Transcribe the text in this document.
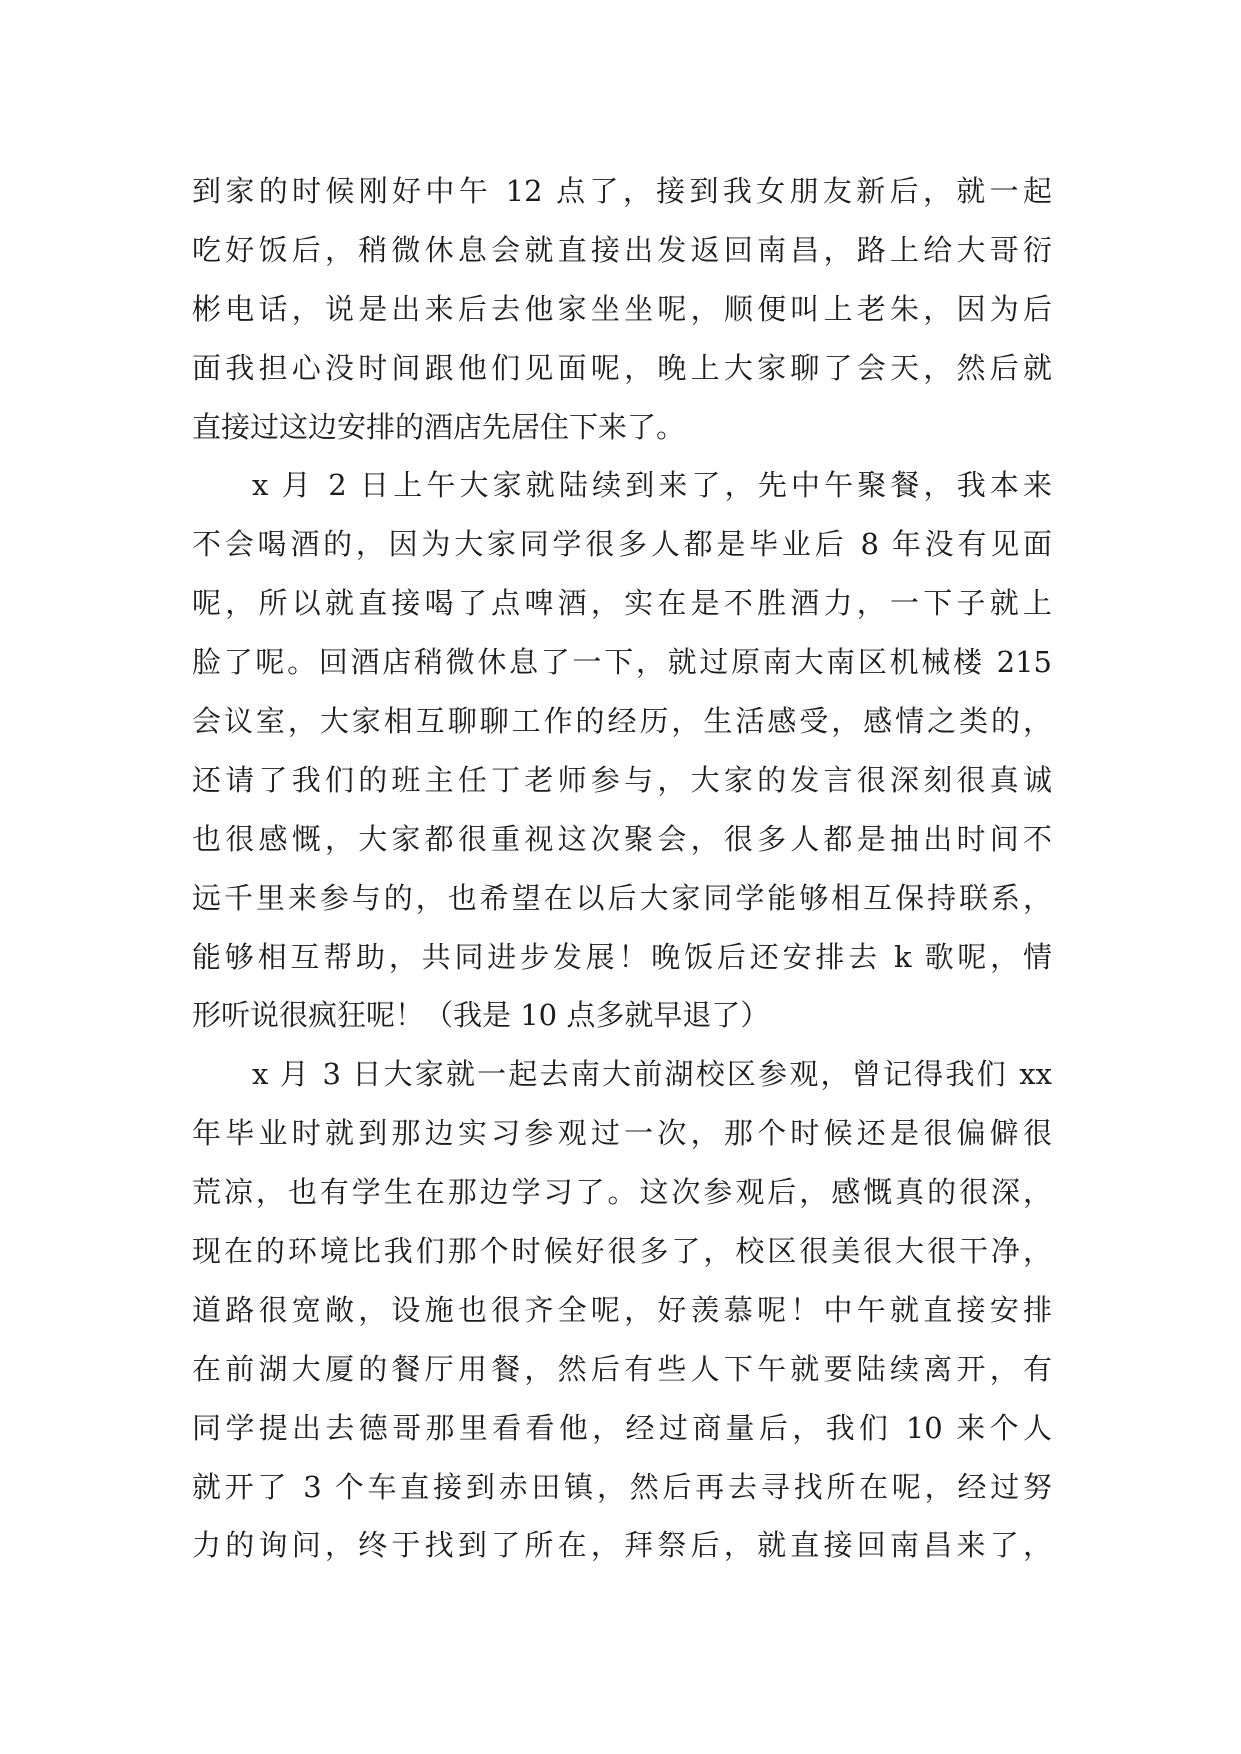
到家的时候刚好中午 12 点了，接到我女朋友新后，就一起
吃好饭后，稍微休息会就直接出发返回南昌，路上给大哥衍
彬电话，说是出来后去他家坐坐呢，顺便叫上老朱，因为后
面我担心没时间跟他们见面呢，晚上大家聊了会天，然后就
直接过这边安排的酒店先居住下来了。
x 月 2 日上午大家就陆续到来了，先中午聚餐，我本来
不会喝酒的，因为大家同学很多人都是毕业后 8 年没有见面
呢，所以就直接喝了点啤酒，实在是不胜酒力，一下子就上
脸了呢。回酒店稍微休息了一下，就过原南大南区机械楼 215
会议室，大家相互聊聊工作的经历，生活感受，感情之类的，
还请了我们的班主任丁老师参与，大家的发言很深刻很真诚
也很感慨，大家都很重视这次聚会，很多人都是抽出时间不
远千里来参与的，也希望在以后大家同学能够相互保持联系，
能够相互帮助，共同进步发展！晚饭后还安排去 k 歌呢，情
形听说很疯狂呢！（我是 10 点多就早退了）
x 月 3 日大家就一起去南大前湖校区参观，曾记得我们 xx
年毕业时就到那边实习参观过一次，那个时候还是很偏僻很
荒凉，也有学生在那边学习了。这次参观后，感慨真的很深，
现在的环境比我们那个时候好很多了，校区很美很大很干净，
道路很宽敞，设施也很齐全呢，好羡慕呢！中午就直接安排
在前湖大厦的餐厅用餐，然后有些人下午就要陆续离开，有
同学提出去德哥那里看看他，经过商量后，我们 10 来个人
就开了 3 个车直接到赤田镇，然后再去寻找所在呢，经过努
力的询问，终于找到了所在，拜祭后，就直接回南昌来了，
